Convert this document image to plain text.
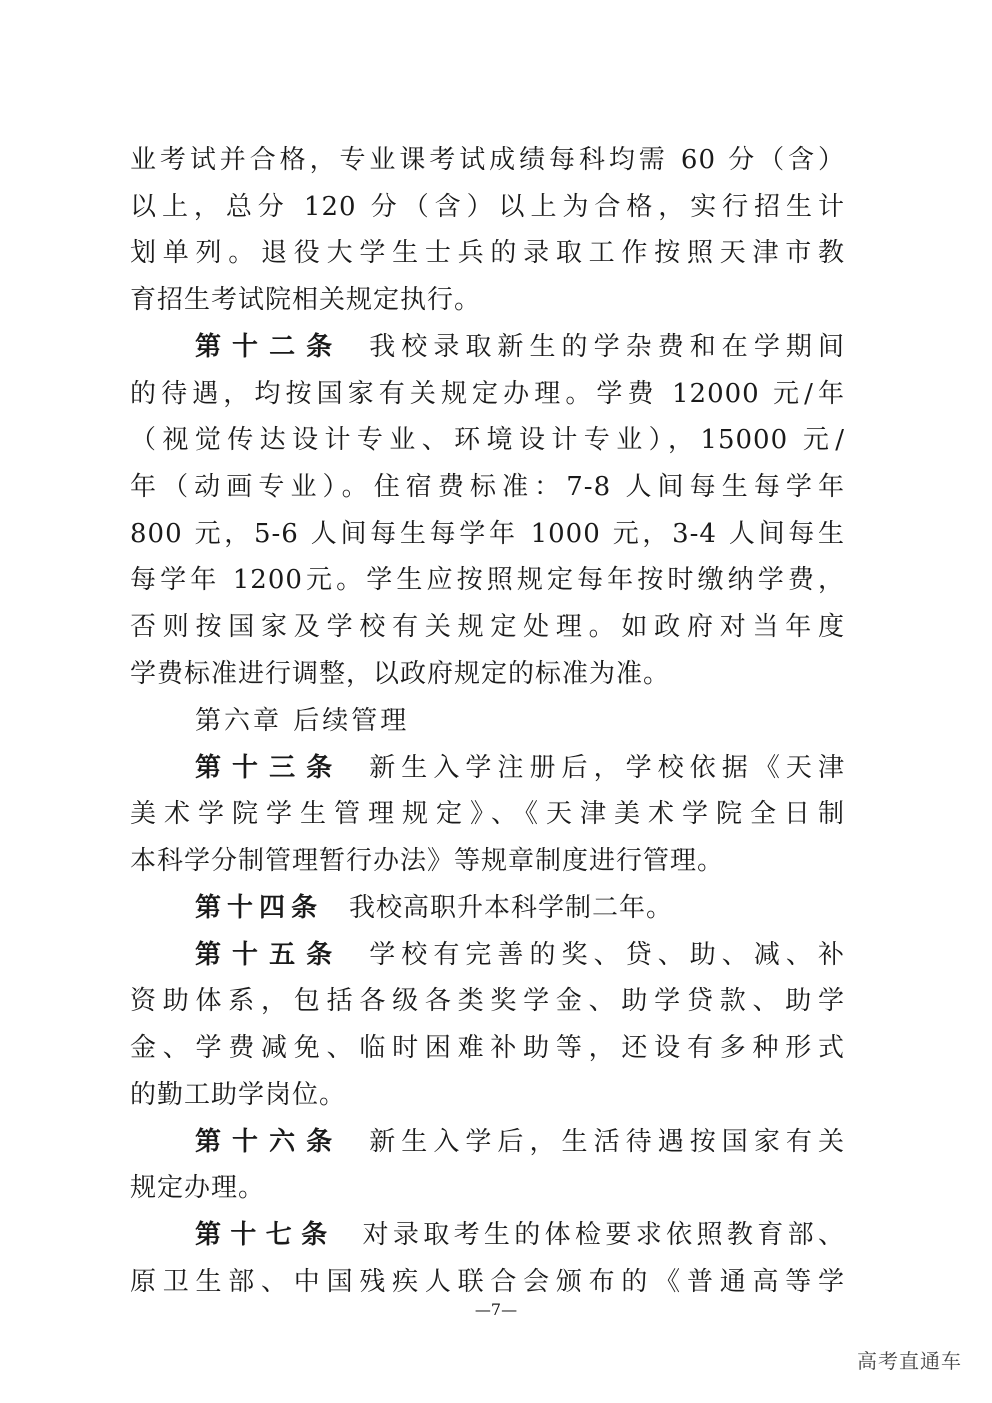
业考试并合格，专业课考试成绩每科均需 60 分（含）
以上，总分 120 分（含）以上为合格，实行招生计
划单列。退役大学生士兵的录取工作按照天津市教
育招生考试院相关规定执行。
第十二条 我校录取新生的学杂费和在学期间
的待遇，均按国家有关规定办理。学费 12000 元/年
（视觉传达设计专业、环境设计专业），15000 元/
年（动画专业）。住宿费标准：7-8 人间每生每学年
800 元，5-6 人间每生每学年 1000 元，3-4 人间每生
每学年 1200元。学生应按照规定每年按时缴纳学费，
否则按国家及学校有关规定处理。如政府对当年度
学费标准进行调整，以政府规定的标准为准。
第六章 后续管理
第十三条 新生入学注册后，学校依据《天津
美术学院学生管理规定》、《天津美术学院全日制
本科学分制管理暂行办法》等规章制度进行管理。
第十四条 我校高职升本科学制二年。
第十五条 学校有完善的奖、贷、助、减、补
资助体系，包括各级各类奖学金、助学贷款、助学
金、学费减免、临时困难补助等，还设有多种形式
的勤工助学岗位。
第十六条 新生入学后，生活待遇按国家有关
规定办理。
第十七条 对录取考生的体检要求依照教育部、
原卫生部、中国残疾人联合会颁布的《普通高等学
—7—
高考直通车
